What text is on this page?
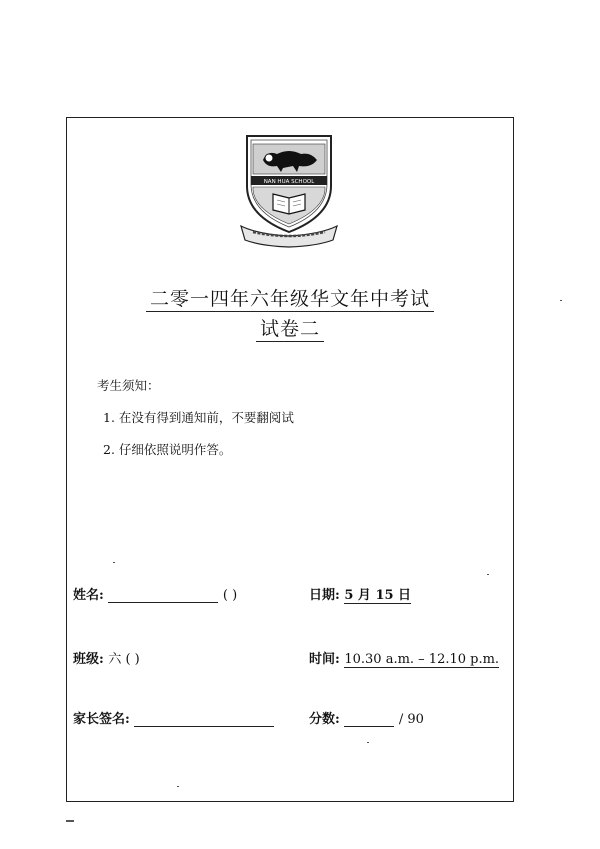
NAN HUA SCHOOL
二零一四年六年级华文年中考试
试卷二
考生须知：
1. 在没有得到通知前，不要翻阅试
2. 仔细依照说明作答。
姓名:	( )	日期: 5 月 15 日
班级: 六 ( )	时间: 10.30 a.m. – 12.10 p.m.
家长签名:	分数:	/ 90
